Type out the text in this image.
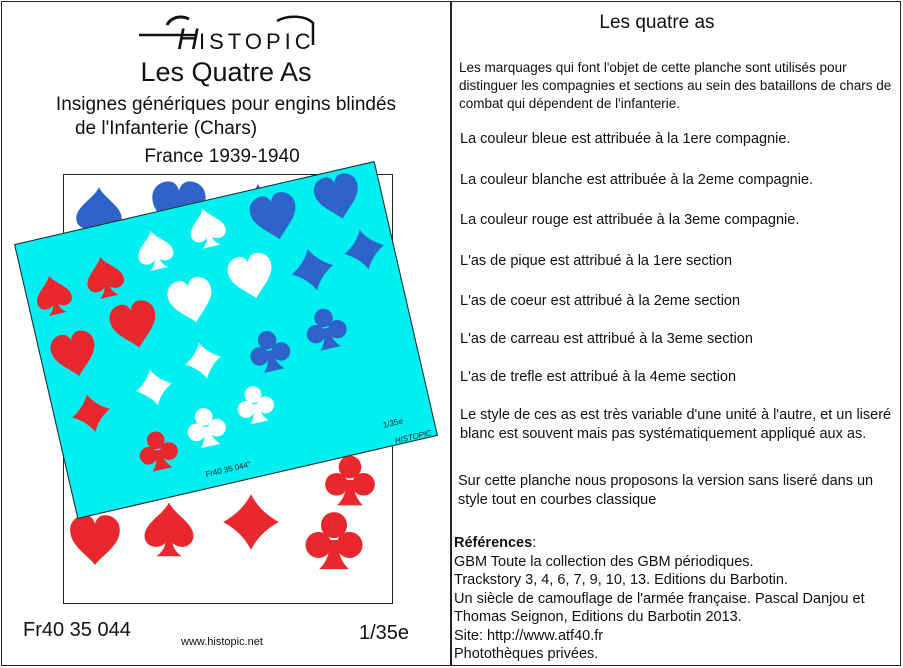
H ISTOPIC
Les Quatre As
Insignes génériques pour engins blindés
de l'Infanterie (Chars)
France 1939-1940
Fr40 35 044"
1/35e
HISTOPIC
Fr40 35 044
www.histopic.net	1/35e
Les quatre as
Les marquages qui font l'objet de cette planche sont utilisés pour distinguer les compagnies et sections au sein des bataillons de chars de combat qui dépendent de l'infanterie.
La couleur bleue est attribuée à la 1ere compagnie.
La couleur blanche est attribuée à la 2eme compagnie.
La couleur rouge est attribuée à la 3eme compagnie.
L'as de pique est attribué à la 1ere section
L'as de coeur est attribué à la 2eme section
L'as de carreau est attribué à la 3eme section
L'as de trefle est attribué à la 4eme section
Le style de ces as est très variable d'une unité à l'autre, et un liseré blanc est souvent mais pas systématiquement appliqué aux as.
Sur cette planche nous proposons la version sans liseré dans un style tout en courbes classique
Références:
GBM Toute la collection des GBM périodiques.
Trackstory 3, 4, 6, 7, 9, 10, 13. Editions du Barbotin.
Un siècle de camouflage de l'armée française. Pascal Danjou et Thomas Seignon, Editions du Barbotin 2013.
Site: http://www.atf40.fr
Photothèques privées.
